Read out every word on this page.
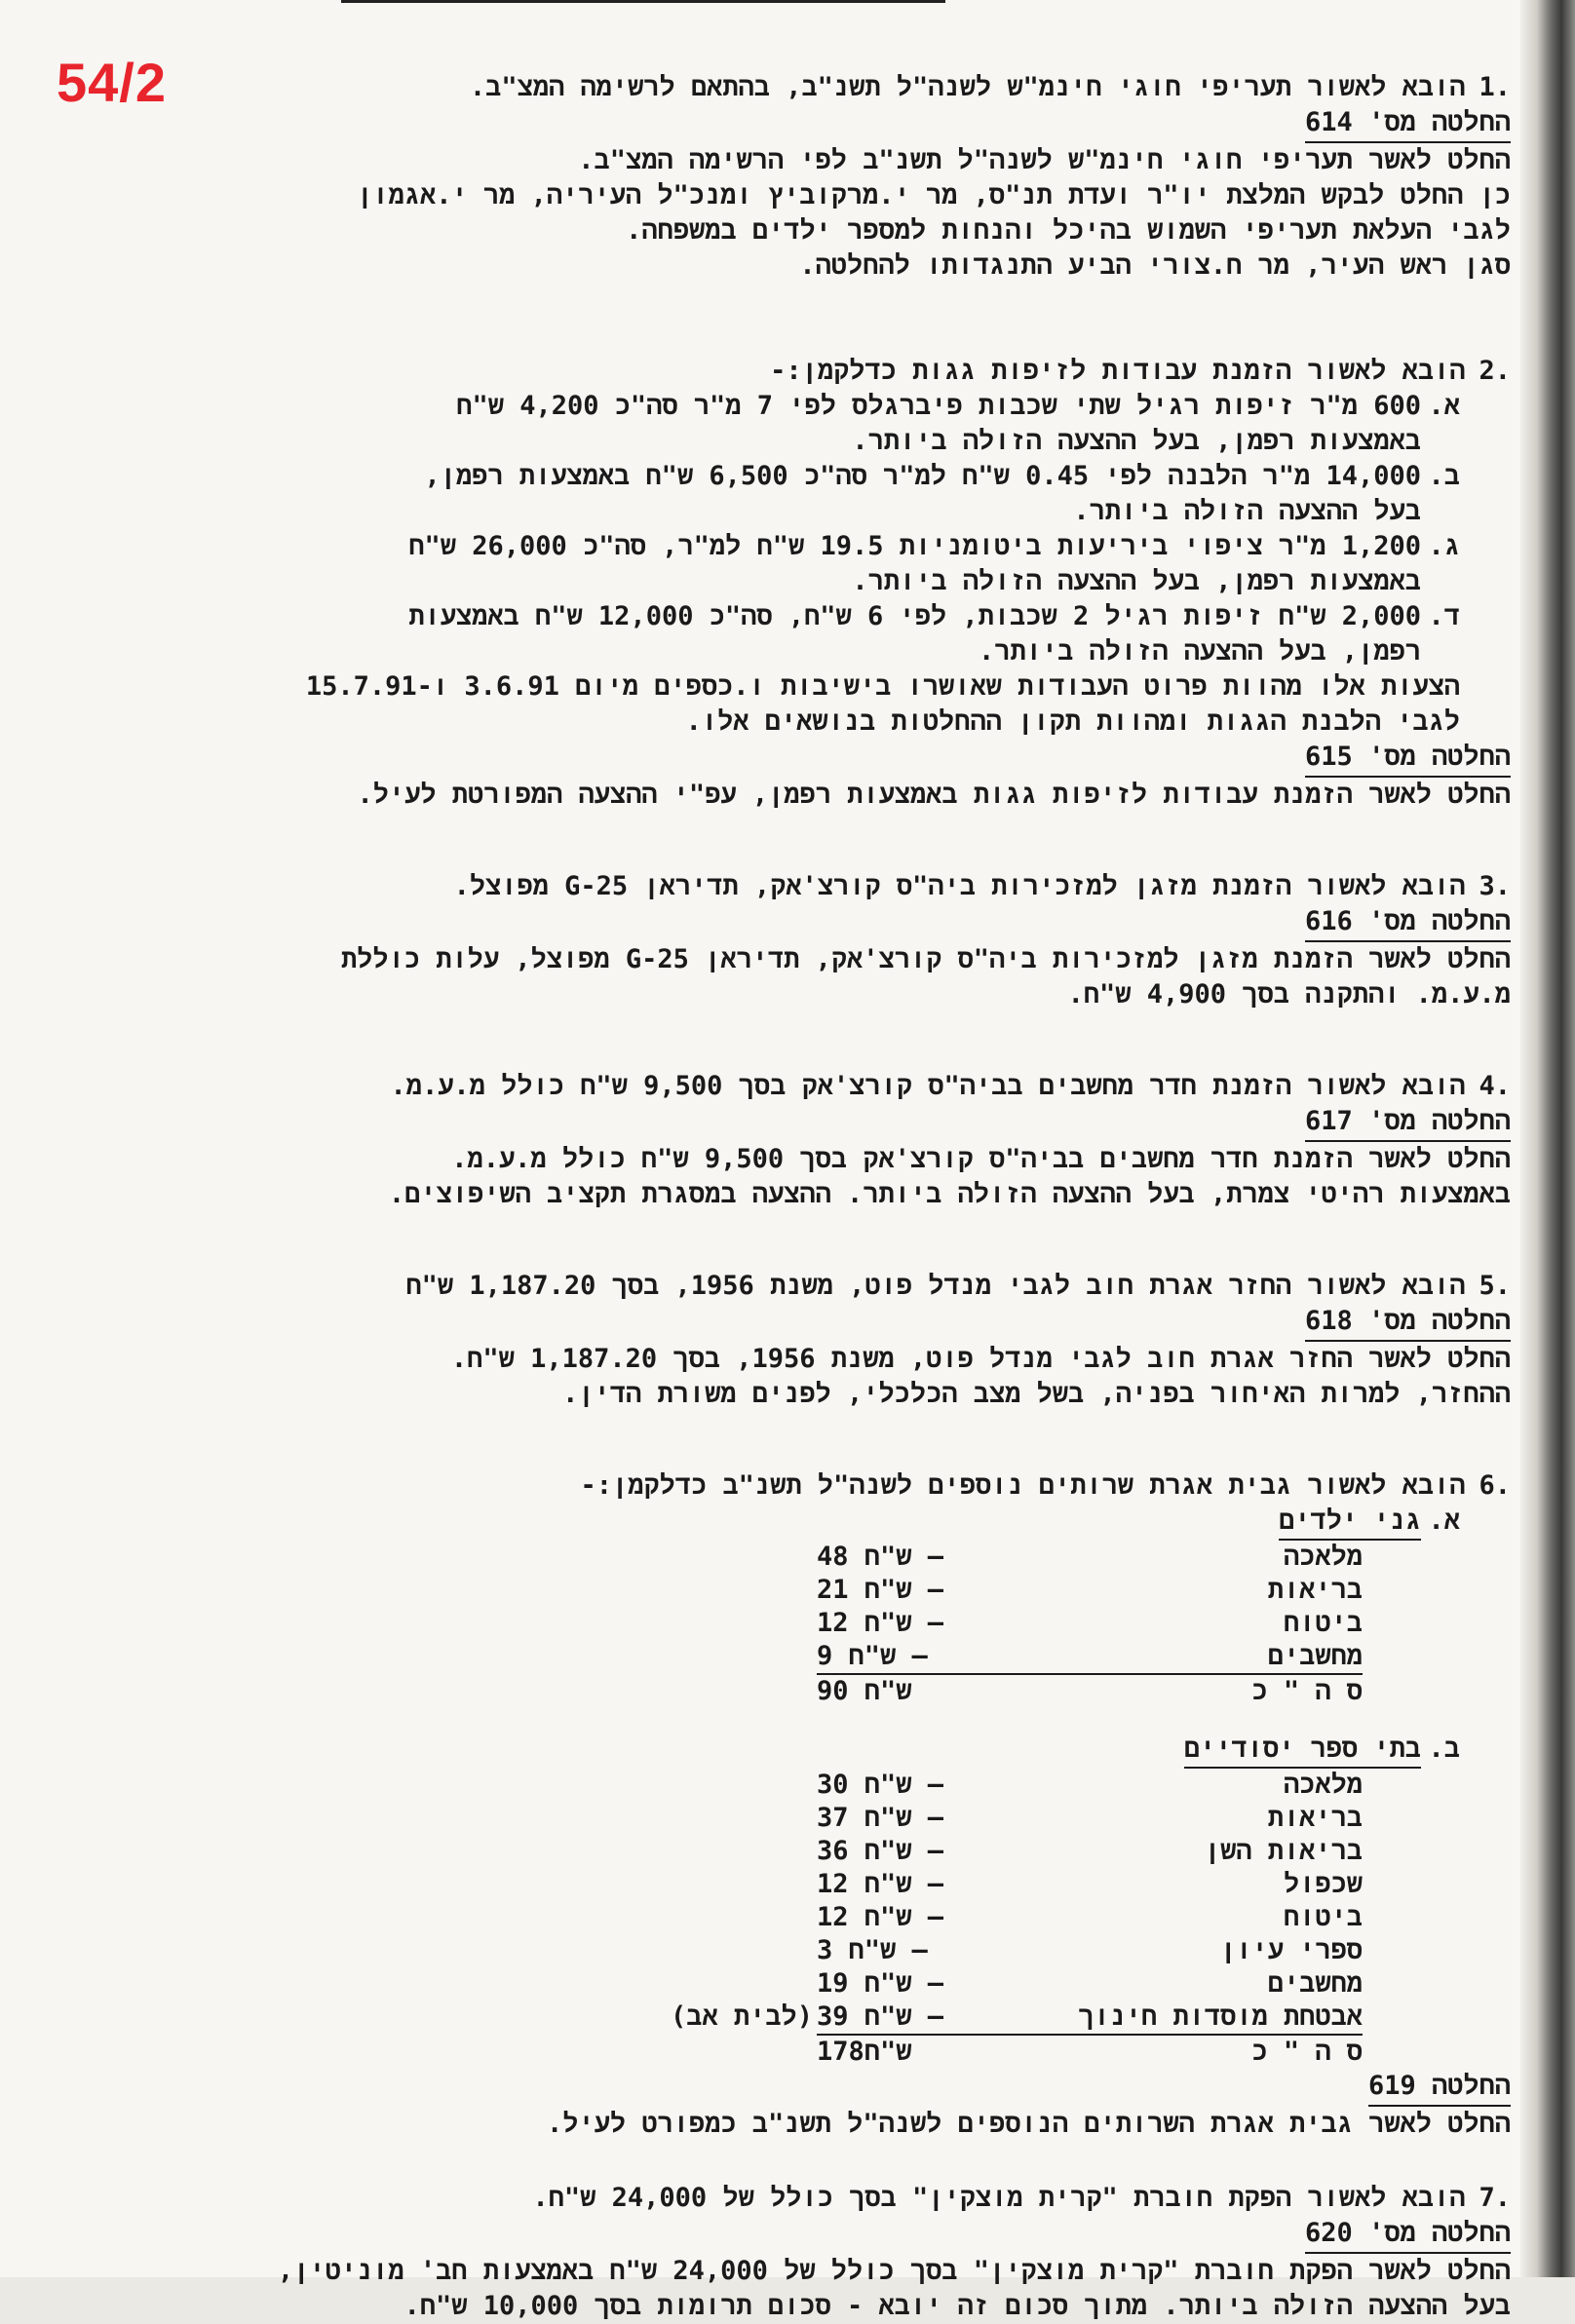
54/2	.1הובא לאשור תעריפי חוגי חינמ"ש לשנה"ל תשנ"ב, בהתאם לרשימה המצ"ב.
החלטה מס' 614
החלט לאשר תעריפי חוגי חינמ"ש לשנה"ל תשנ"ב לפי הרשימה המצ"ב.
כן החלט לבקש המלצת יו"ר ועדת תנ"ס, מר י.מרקוביץ ומנכ"ל העיריה, מר י.אגמון
לגבי העלאת תעריפי השמוש בהיכל והנחות למספר ילדים במשפחה.
סגן ראש העיר, מר ח.צורי הביע התנגדותו להחלטה.
.2הובא לאשור הזמנת עבודות לזיפות גגות כדלקמן:-
א.
600 מ"ר זיפות רגיל שתי שכבות פיברגלס לפי 7 מ"ר סה"כ 4,200 ש"ח
באמצעות רפמן, בעל ההצעה הזולה ביותר.
ב.
14,000 מ"ר הלבנה לפי 0.45 ש"ח למ"ר סה"כ 6,500 ש"ח באמצעות רפמן,
בעל ההצעה הזולה ביותר.
ג.
1,200 מ"ר ציפוי ביריעות ביטומניות 19.5 ש"ח למ"ר, סה"כ 26,000 ש"ח
באמצעות רפמן, בעל ההצעה הזולה ביותר.
ד.
2,000 ש"ח זיפות רגיל 2 שכבות, לפי 6 ש"ח, סה"כ 12,000 ש"ח באמצעות
רפמן, בעל ההצעה הזולה ביותר.
הצעות אלו מהוות פרוט העבודות שאושרו בישיבות ו.כספים מיום 3.6.91 ו-15.7.91
לגבי הלבנת הגגות ומהוות תקון ההחלטות בנושאים אלו.
החלטה מס' 615
החלט לאשר הזמנת עבודות לזיפות גגות באמצעות רפמן, עפ"י ההצעה המפורטת לעיל.
.3הובא לאשור הזמנת מזגן למזכירות ביה"ס קורצ'אק, תדיראן G-25 מפוצל.
החלטה מס' 616
החלט לאשר הזמנת מזגן למזכירות ביה"ס קורצ'אק, תדיראן G-25 מפוצל, עלות כוללת
מ.ע.מ. והתקנה בסך 4,900 ש"ח.
.4הובא לאשור הזמנת חדר מחשבים בביה"ס קורצ'אק בסך 9,500 ש"ח כולל מ.ע.מ.
החלטה מס' 617
החלט לאשר הזמנת חדר מחשבים בביה"ס קורצ'אק בסך 9,500 ש"ח כולל מ.ע.מ.
באמצעות רהיטי צמרת, בעל ההצעה הזולה ביותר. ההצעה במסגרת תקציב השיפוצים.
.5הובא לאשור החזר אגרת חוב לגבי מנדל פוט, משנת 1956, בסך 1,187.20 ש"ח
החלטה מס' 618
החלט לאשר החזר אגרת חוב לגבי מנדל פוט, משנת 1956, בסך 1,187.20 ש"ח.
ההחזר, למרות האיחור בפניה, בשל מצב הכלכלי, לפנים משורת הדין.
.6הובא לאשור גבית אגרת שרותים נוספים לשנה"ל תשנ"ב כדלקמן:-
א.
גני ילדים
מלאכה
48 ש"ח –
בריאות
21 ש"ח –
ביטוח
12 ש"ח –
מחשבים
9 ש"ח –
ס ה " כ
90 ש"ח
ב.
בתי ספר יסודיים
מלאכה
30 ש"ח –
בריאות
37 ש"ח –
בריאות השן
36 ש"ח –
שכפול
12 ש"ח –
ביטוח
12 ש"ח –
ספרי עיון
3 ש"ח –
מחשבים
19 ש"ח –
אבטחת מוסדות חינוך
39 ש"ח –
(לבית אב)
ס ה " כ
178ש"ח
החלטה 619
החלט לאשר גבית אגרת השרותים הנוספים לשנה"ל תשנ"ב כמפורט לעיל.
.7הובא לאשור הפקת חוברת "קרית מוצקין" בסך כולל של 24,000 ש"ח.
החלטה מס' 620
החלט לאשר הפקת חוברת "קרית מוצקין" בסך כולל של 24,000 ש"ח באמצעות חב' מוניטין,
בעל ההצעה הזולה ביותר. מתוך סכום זה יובא - סכום תרומות בסך 10,000 ש"ח.
